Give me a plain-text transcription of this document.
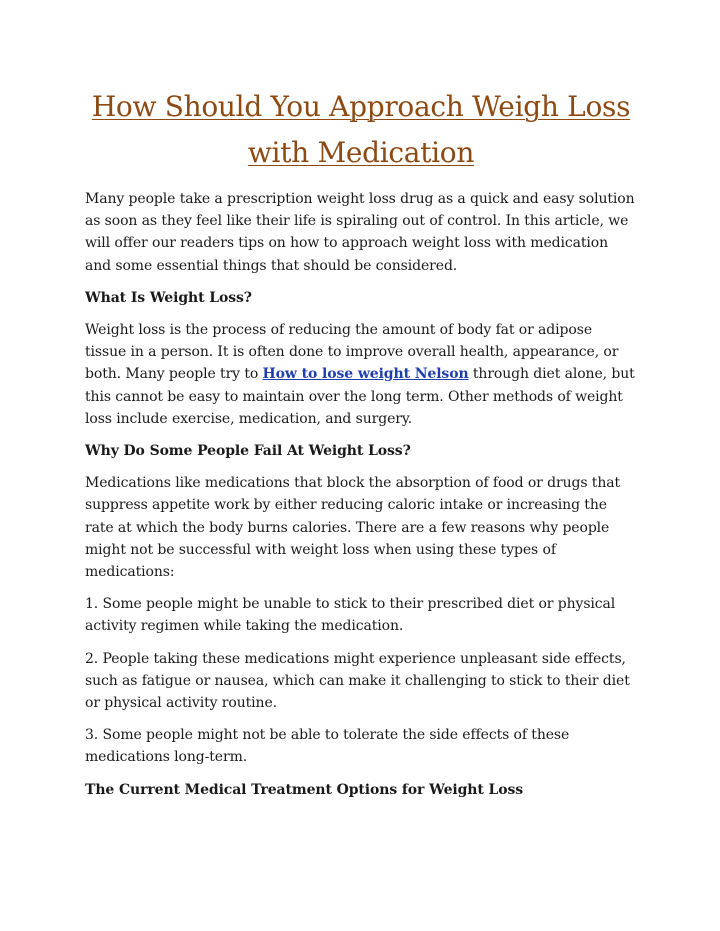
How Should You Approach Weigh Loss with Medication

Many people take a prescription weight loss drug as a quick and easy solution as soon as they feel like their life is spiraling out of control. In this article, we will offer our readers tips on how to approach weight loss with medication and some essential things that should be considered.

What Is Weight Loss?

Weight loss is the process of reducing the amount of body fat or adipose tissue in a person. It is often done to improve overall health, appearance, or both. Many people try to How to lose weight Nelson through diet alone, but this cannot be easy to maintain over the long term. Other methods of weight loss include exercise, medication, and surgery.

Why Do Some People Fail At Weight Loss?

Medications like medications that block the absorption of food or drugs that suppress appetite work by either reducing caloric intake or increasing the rate at which the body burns calories. There are a few reasons why people might not be successful with weight loss when using these types of medications:

1. Some people might be unable to stick to their prescribed diet or physical activity regimen while taking the medication.

2. People taking these medications might experience unpleasant side effects, such as fatigue or nausea, which can make it challenging to stick to their diet or physical activity routine.

3. Some people might not be able to tolerate the side effects of these medications long-term.

The Current Medical Treatment Options for Weight Loss
